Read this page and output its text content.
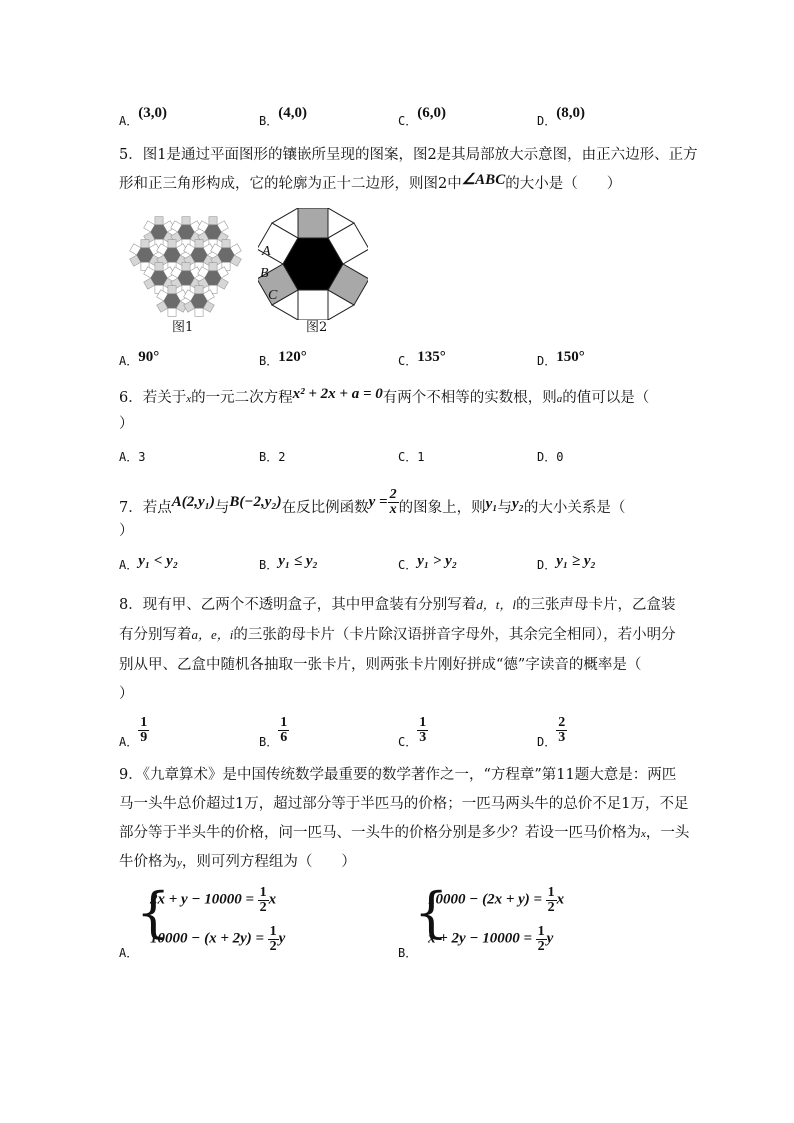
A．(3,0)	B．(4,0)	C．(6,0)	D．(8,0)
5．图1是通过平面图形的镶嵌所呈现的图案，图2是其局部放大示意图，由正六边形、正方
形和正三角形构成，它的轮廓为正十二边形，则图2中∠ABC的大小是（　　）
图1
A
B
C
图2
A．90°	B．120°	C．135°	D．150°
6．若关于x的一元二次方程x² + 2x + a = 0有两个不相等的实数根，则a的值可以是（
）
A．3	B．2	C．1	D．0
7．若点A(2,y₁)与B(−2,y₂)在反比例函数$y = \frac{2}{x}$ 的图象上，则y₁与y₂的大小关系是（
）
A．y₁ < y₂	B．y₁ ≤ y₂	C．y₁ > y₂	D．y₁ ≥ y₂
8．现有甲、乙两个不透明盒子，其中甲盒装有分别写着d，t，l的三张声母卡片，乙盒装
有分别写着a，e，i的三张韵母卡片（卡片除汉语拼音字母外，其余完全相同），若小明分
别从甲、乙盒中随机各抽取一张卡片，则两张卡片刚好拼成“德”字读音的概率是（
）
A． $\frac{1}{9}$	B． $\frac{1}{6}$	C． $\frac{1}{3}$	D． $\frac{2}{3}$
9．《九章算术》是中国传统数学最重要的数学著作之一，“方程章”第11题大意是：两匹
马一头牛总价超过1万，超过部分等于半匹马的价格；一匹马两头牛的总价不足1万，不足
部分等于半头牛的价格，问一匹马、一头牛的价格分别是多少？若设一匹马价格为x，一头
牛价格为y，则可列方程组为（　　）
A．
{
$2x + y - 10000 = \frac{1}{2}$ x
$10000 - (x + 2y) = \frac{1}{2}$ y
B．
{
$10000 - (2x + y) = \frac{1}{2}$ x
$x + 2y - 10000 = \frac{1}{2}$ y
